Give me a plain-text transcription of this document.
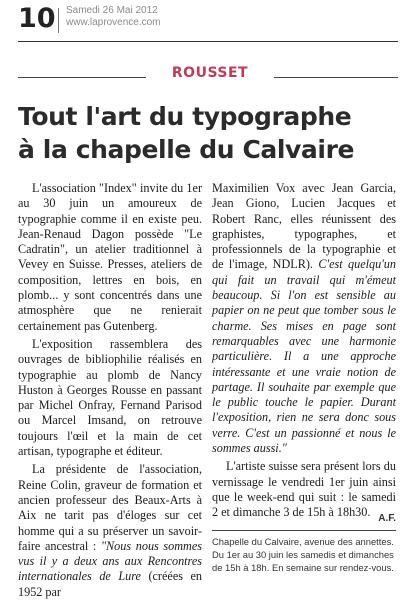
10 Samedi 26 Mai 2012
www.laprovence.com
ROUSSET
Tout l'art du typographe
à la chapelle du Calvaire

L'association "Index" invite du 1er au 30 juin un amoureux de typographie comme il en existe peu. Jean-Renaud Dagon possède "Le Cadratin", un atelier traditionnel à Vevey en Suisse. Presses, ateliers de composition, lettres en bois, en plomb... y sont concentrés dans une atmosphère que ne renierait certainement pas Gutenberg.

L'exposition rassemblera des ouvrages de bibliophilie réalisés en typographie au plomb de Nancy Huston à Georges Rousse en passant par Michel Onfray, Fernand Parisod ou Marcel Imsand, on retrouve toujours l'œil et la main de cet artisan, typographe et éditeur.

La présidente de l'association, Reine Colin, graveur de formation et ancien professeur des Beaux-Arts à Aix ne tarit pas d'éloges sur cet homme qui a su préserver un savoir-faire ancestral : "Nous nous sommes vus il y a deux ans aux Rencontres internationales de Lure (créées en 1952 par

Maximilien Vox avec Jean Garcia, Jean Giono, Lucien Jacques et Robert Ranc, elles réunissent des graphistes, typographes, et professionnels de la typographie et de l'image, NDLR). C'est quelqu'un qui fait un travail qui m'émeut beaucoup. Si l'on est sensible au papier on ne peut que tomber sous le charme. Ses mises en page sont remarquables avec une harmonie particulière. Il a une approche intéressante et une vraie notion de partage. Il souhaite par exemple que le public touche le papier. Durant l'exposition, rien ne sera donc sous verre. C'est un passionné et nous le sommes aussi."

L'artiste suisse sera présent lors du vernissage le vendredi 1er juin ainsi que le week-end qui suit : le samedi 2 et dimanche 3 de 15h à 18h30. A.F.
Chapelle du Calvaire, avenue des annettes. Du 1er au 30 juin les samedis et dimanches de 15h à 18h. En semaine sur rendez-vous.
